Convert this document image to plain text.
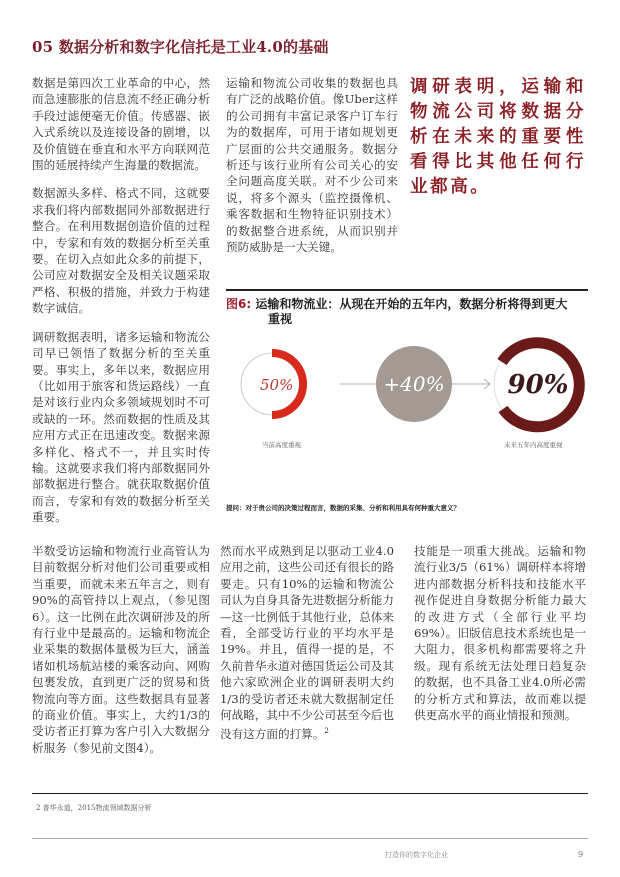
05 数据分析和数字化信托是工业4.0的基础

数据是第四次工业革命的中心，然而急速膨胀的信息流不经正确分析手段过滤便毫无价值。传感器、嵌入式系统以及连接设备的剧增，以及价值链在垂直和水平方向联网范围的延展持续产生海量的数据流。

数据源头多样、格式不同，这就要求我们将内部数据同外部数据进行整合。在利用数据创造价值的过程中，专家和有效的数据分析至关重要。在切入点如此众多的前提下，公司应对数据安全及相关议题采取严格、积极的措施，并致力于构建数字诚信。

调研数据表明，诸多运输和物流公司早已领悟了数据分析的至关重要。事实上，多年以来，数据应用（比如用于旅客和货运路线）一直是对该行业内众多领域规划时不可或缺的一环。然而数据的性质及其应用方式正在迅速改变。数据来源多样化、格式不一，并且实时传输。这就要求我们将内部数据同外部数据进行整合。就获取数据价值而言，专家和有效的数据分析至关重要。

运输和物流公司收集的数据也具有广泛的战略价值。像Uber这样的公司拥有丰富记录客户订车行为的数据库，可用于诸如规划更广层面的公共交通服务。数据分析还与该行业所有公司关心的安全问题高度关联。对不少公司来说，将多个源头（监控摄像机、乘客数据和生物特征识别技术）的数据整合进系统，从而识别并预防威胁是一大关键。

调研表明，运输和物流公司将数据分析在未来的重要性看得比其他任何行业都高。

图6: 运输和物流业：从现在开始的五年内，数据分析将得到更大
重视
50%	+40% 90%
当前高度重视	未来五年内高度重视
提问：对于贵公司的决策过程而言，数据的采集、分析和利用具有何种重大意义？

半数受访运输和物流行业高管认为目前数据分析对他们公司重要或相当重要，而就未来五年言之，则有90%的高管持以上观点，（参见图6）。这一比例在此次调研涉及的所有行业中是最高的。运输和物流企业采集的数据体量极为巨大，涵盖诸如机场航站楼的乘客动向、网购包裹发放，直到更广泛的贸易和货物流向等方面。这些数据具有显著的商业价值。事实上，大约1/3的受访者正打算为客户引入大数据分析服务（参见前文图4）。

然而水平成熟到足以驱动工业4.0应用之前，这些公司还有很长的路要走。只有10%的运输和物流公司认为自身具备先进数据分析能力—这一比例低于其他行业，总体来看，全部受访行业的平均水平是19%。并且，值得一提的是，不久前普华永道对德国货运公司及其他六家欧洲企业的调研表明大约1/3的受访者还未就大数据制定任何战略，其中不少公司甚至今后也没有这方面的打算。$^2$

技能是一项重大挑战。运输和物流行业3/5（61%）调研样本将增进内部数据分析科技和技能水平视作促进自身数据分析能力最大的改进方式（全部行业平均69%）。旧版信息技术系统也是一大阻力，很多机构都需要将之升级。现有系统无法处理日趋复杂的数据，也不具备工业4.0所必需的分析方式和算法，故而难以提供更高水平的商业情报和预测。

2 普华永道，2015物流领域数据分析
打造你的数字化企业	9
